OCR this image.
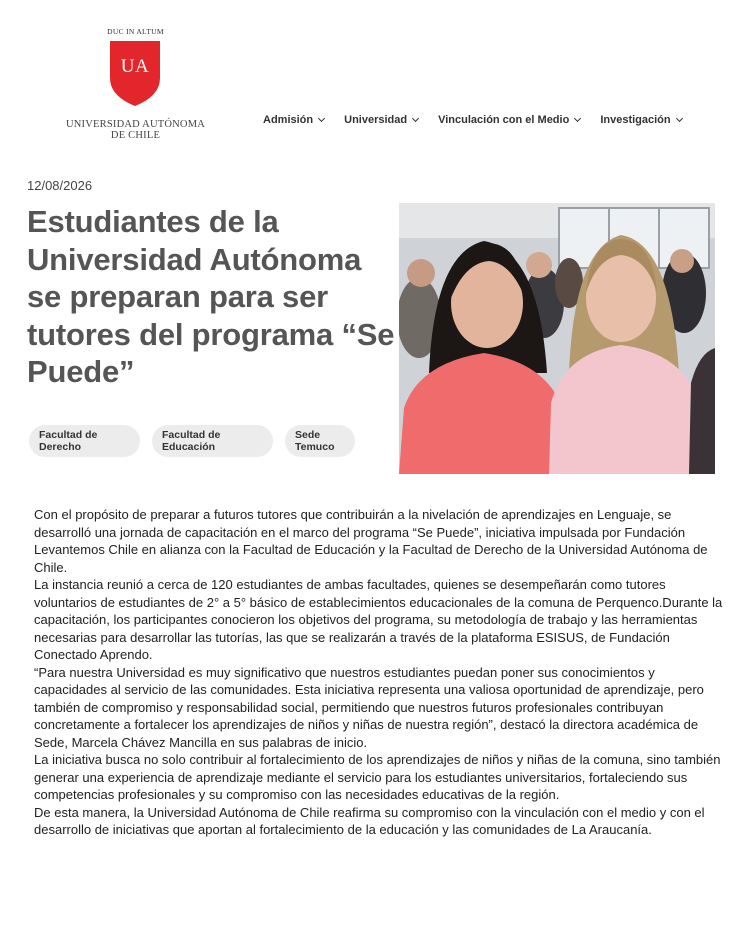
DUC IN ALTUM
UA
UNIVERSIDAD AUTÓNOMA
DE CHILE
Admisión	Universidad	Vinculación con el Medio	Investigación
12/08/2026
Estudiantes de la Universidad Autónoma se preparan para ser tutores del programa “Se Puede”
Facultad de
Derecho
Facultad de
Educación
Sede
Temuco

Con el propósito de preparar a futuros tutores que contribuirán a la nivelación de aprendizajes en Lenguaje, se desarrolló una jornada de capacitación en el marco del programa “Se Puede”, iniciativa impulsada por Fundación Levantemos Chile en alianza con la Facultad de Educación y la Facultad de Derecho de la Universidad Autónoma de Chile.

La instancia reunió a cerca de 120 estudiantes de ambas facultades, quienes se desempeñarán como tutores voluntarios de estudiantes de 2° a 5° básico de establecimientos educacionales de la comuna de Perquenco.Durante la capacitación, los participantes conocieron los objetivos del programa, su metodología de trabajo y las herramientas necesarias para desarrollar las tutorías, las que se realizarán a través de la plataforma ESISUS, de Fundación Conectado Aprendo.

“Para nuestra Universidad es muy significativo que nuestros estudiantes puedan poner sus conocimientos y capacidades al servicio de las comunidades. Esta iniciativa representa una valiosa oportunidad de aprendizaje, pero también de compromiso y responsabilidad social, permitiendo que nuestros futuros profesionales contribuyan concretamente a fortalecer los aprendizajes de niños y niñas de nuestra región”, destacó la directora académica de Sede, Marcela Chávez Mancilla en sus palabras de inicio.

La iniciativa busca no solo contribuir al fortalecimiento de los aprendizajes de niños y niñas de la comuna, sino también generar una experiencia de aprendizaje mediante el servicio para los estudiantes universitarios, fortaleciendo sus competencias profesionales y su compromiso con las necesidades educativas de la región.

De esta manera, la Universidad Autónoma de Chile reafirma su compromiso con la vinculación con el medio y con el desarrollo de iniciativas que aportan al fortalecimiento de la educación y las comunidades de La Araucanía.
